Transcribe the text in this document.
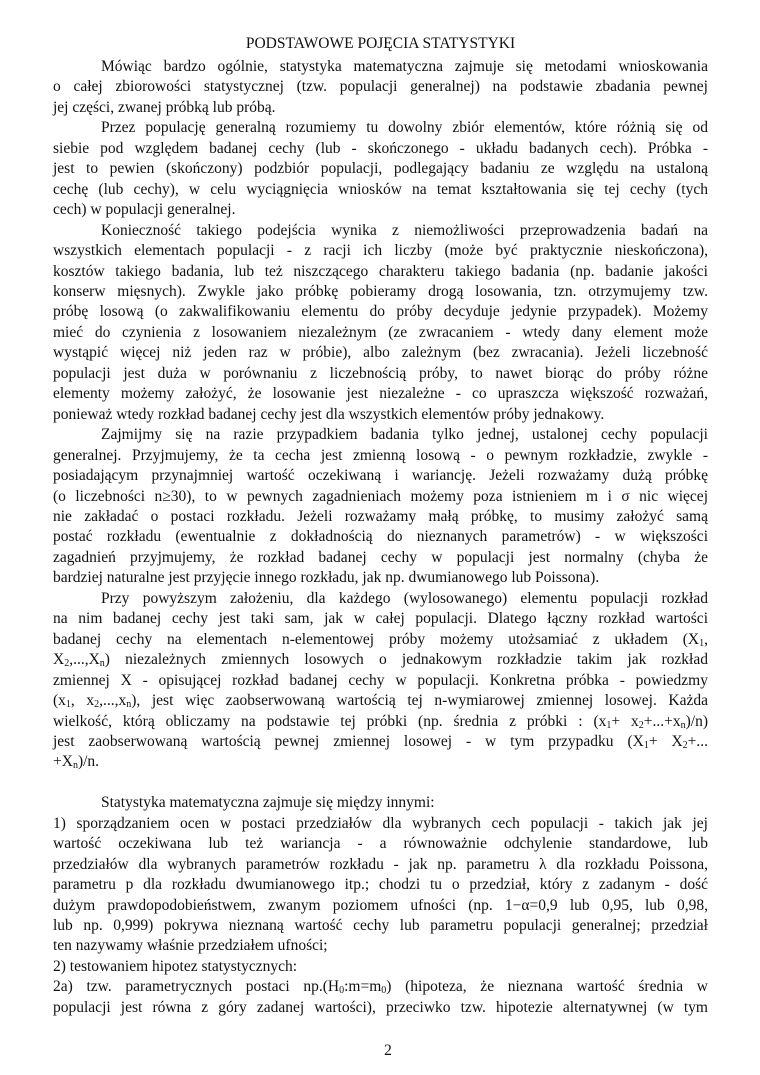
PODSTAWOWE POJĘCIA STATYSTYKI
Mówiąc bardzo ogólnie, statystyka matematyczna zajmuje się metodami wnioskowania
o całej zbiorowości statystycznej (tzw. populacji generalnej) na podstawie zbadania pewnej
jej części, zwanej próbką lub próbą.
Przez populację generalną rozumiemy tu dowolny zbiór elementów, które różnią się od
siebie pod względem badanej cechy (lub - skończonego - układu badanych cech). Próbka -
jest to pewien (skończony) podzbiór populacji, podlegający badaniu ze względu na ustaloną
cechę (lub cechy), w celu wyciągnięcia wniosków na temat kształtowania się tej cechy (tych
cech) w populacji generalnej.
Konieczność takiego podejścia wynika z niemożliwości przeprowadzenia badań na
wszystkich elementach populacji - z racji ich liczby (może być praktycznie nieskończona),
kosztów takiego badania, lub też niszczącego charakteru takiego badania (np. badanie jakości
konserw mięsnych). Zwykle jako próbkę pobieramy drogą losowania, tzn. otrzymujemy tzw.
próbę losową (o zakwalifikowaniu elementu do próby decyduje jedynie przypadek). Możemy
mieć do czynienia z losowaniem niezależnym (ze zwracaniem - wtedy dany element może
wystąpić więcej niż jeden raz w próbie), albo zależnym (bez zwracania). Jeżeli liczebność
populacji jest duża w porównaniu z liczebnością próby, to nawet biorąc do próby różne
elementy możemy założyć, że losowanie jest niezależne - co upraszcza większość rozważań,
ponieważ wtedy rozkład badanej cechy jest dla wszystkich elementów próby jednakowy.
Zajmijmy się na razie przypadkiem badania tylko jednej, ustalonej cechy populacji
generalnej. Przyjmujemy, że ta cecha jest zmienną losową - o pewnym rozkładzie, zwykle -
posiadającym przynajmniej wartość oczekiwaną i wariancję. Jeżeli rozważamy dużą próbkę
(o liczebności n≥30), to w pewnych zagadnieniach możemy poza istnieniem m i σ nic więcej
nie zakładać o postaci rozkładu. Jeżeli rozważamy małą próbkę, to musimy założyć samą
postać rozkładu (ewentualnie z dokładnością do nieznanych parametrów) - w większości
zagadnień przyjmujemy, że rozkład badanej cechy w populacji jest normalny (chyba że
bardziej naturalne jest przyjęcie innego rozkładu, jak np. dwumianowego lub Poissona).
Przy powyższym założeniu, dla każdego (wylosowanego) elementu populacji rozkład
na nim badanej cechy jest taki sam, jak w całej populacji. Dlatego łączny rozkład wartości
badanej cechy na elementach n-elementowej próby możemy utożsamiać z układem ($X_1$,
$X_2,...,X_n$) niezależnych zmiennych losowych o jednakowym rozkładzie takim jak rozkład
zmiennej X - opisującej rozkład badanej cechy w populacji. Konkretna próbka - powiedzmy
($x_1$, $x_2,...,x_n$), jest więc zaobserwowaną wartością tej n-wymiarowej zmiennej losowej. Każda
wielkość, którą obliczamy na podstawie tej próbki (np. średnia z próbki : $(x_1+ x_2+...+x_n)/n$)
jest zaobserwowaną wartością pewnej zmiennej losowej - w tym przypadku ($X_1+ X_2+$...
$+X_n)/n$.

Statystyka matematyczna zajmuje się między innymi:
1) sporządzaniem ocen w postaci przedziałów dla wybranych cech populacji - takich jak jej
wartość oczekiwana lub też wariancja - a równoważnie odchylenie standardowe, lub
przedziałów dla wybranych parametrów rozkładu - jak np. parametru λ dla rozkładu Poissona,
parametru p dla rozkładu dwumianowego itp.; chodzi tu o przedział, który z zadanym - dość
dużym prawdopodobieństwem, zwanym poziomem ufności (np. 1−α=0,9 lub 0,95, lub 0,98,
lub np. 0,999) pokrywa nieznaną wartość cechy lub parametru populacji generalnej; przedział
ten nazywamy właśnie przedziałem ufności;
2) testowaniem hipotez statystycznych:
2a) tzw. parametrycznych postaci $np.(H_0:m=m_0)$ (hipoteza, że nieznana wartość średnia w
populacji jest równa z góry zadanej wartości), przeciwko tzw. hipotezie alternatywnej (w tym
2
